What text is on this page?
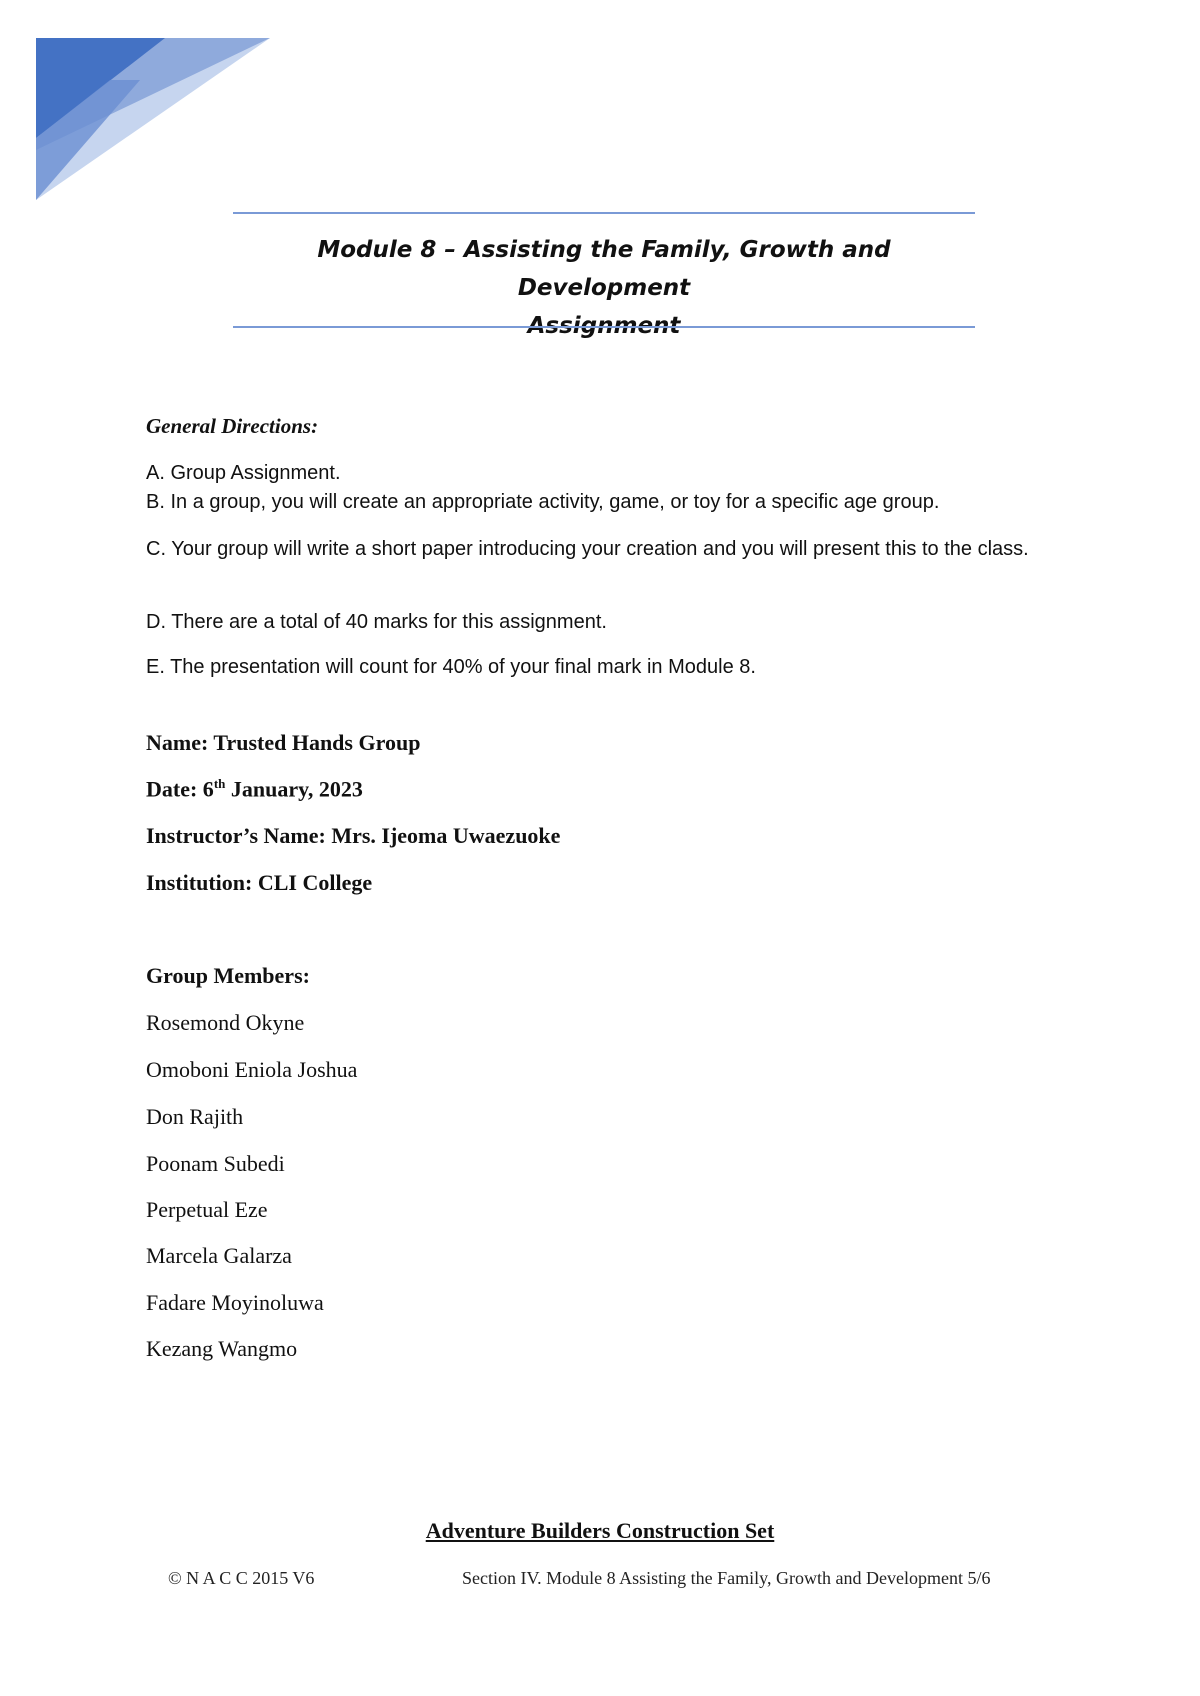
Module 8 – Assisting the Family, Growth and Development
Assignment
General Directions:
A. Group Assignment.
B. In a group, you will create an appropriate activity, game, or toy for a specific age group.
C. Your group will write a short paper introducing your creation and you will present this to the class.
D. There are a total of 40 marks for this assignment.
E. The presentation will count for 40% of your final mark in Module 8.
Name: Trusted Hands Group
Date: 6th January, 2023
Instructor’s Name: Mrs. Ijeoma Uwaezuoke
Institution: CLI College
Group Members:
Rosemond Okyne
Omoboni Eniola Joshua
Don Rajith
Poonam Subedi
Perpetual Eze
Marcela Galarza
Fadare Moyinoluwa
Kezang Wangmo
Adventure Builders Construction Set
© N A C C 2015 V6	Section IV. Module 8 Assisting the Family, Growth and Development 5/6
